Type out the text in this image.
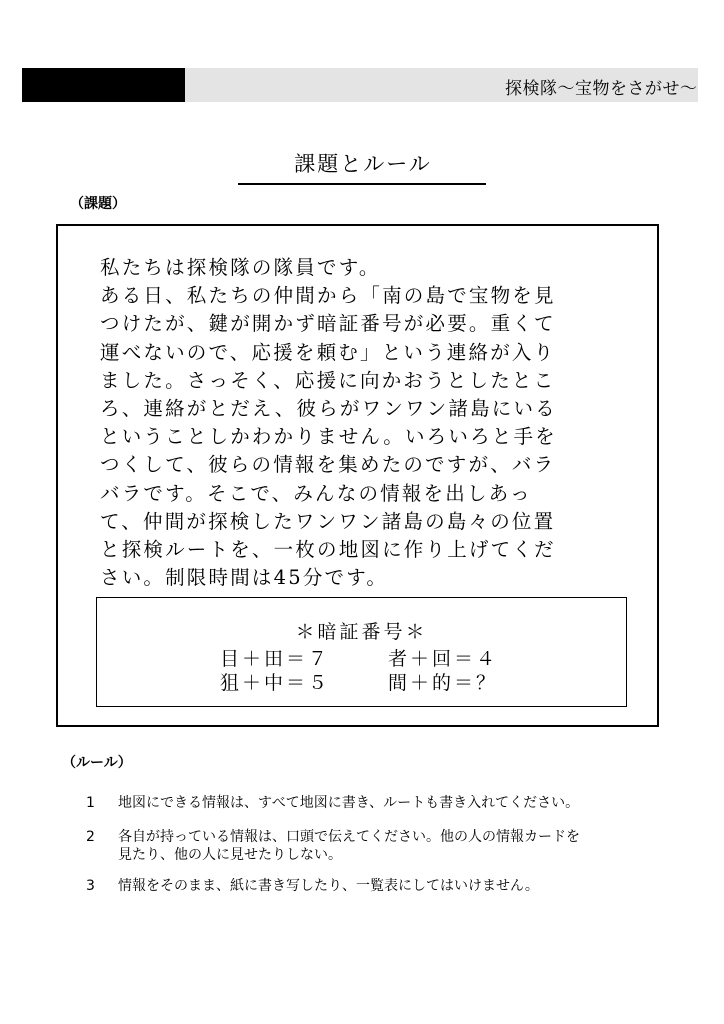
探検隊〜宝物をさがせ〜
課題とルール
（課題）
私たちは探検隊の隊員です。
ある日、私たちの仲間から「南の島で宝物を見
つけたが、鍵が開かず暗証番号が必要。重くて
運べないので、応援を頼む」という連絡が入り
ました。さっそく、応援に向かおうとしたとこ
ろ、連絡がとだえ、彼らがワンワン諸島にいる
ということしかわかりません。いろいろと手を
つくして、彼らの情報を集めたのですが、バラ
バラです。そこで、みんなの情報を出しあっ
て、仲間が探検したワンワン諸島の島々の位置
と探検ルートを、一枚の地図に作り上げてくだ
さい。制限時間は45分です。
＊暗証番号＊
目＋田＝７	者＋回＝４
狙＋中＝５	間＋的＝？
（ルール）
1 地図にできる情報は、すべて地図に書き、ルートも書き入れてください。
2 各自が持っている情報は、口頭で伝えてください。他の人の情報カードを
見たり、他の人に見せたりしない。
3 情報をそのまま、紙に書き写したり、一覧表にしてはいけません。
